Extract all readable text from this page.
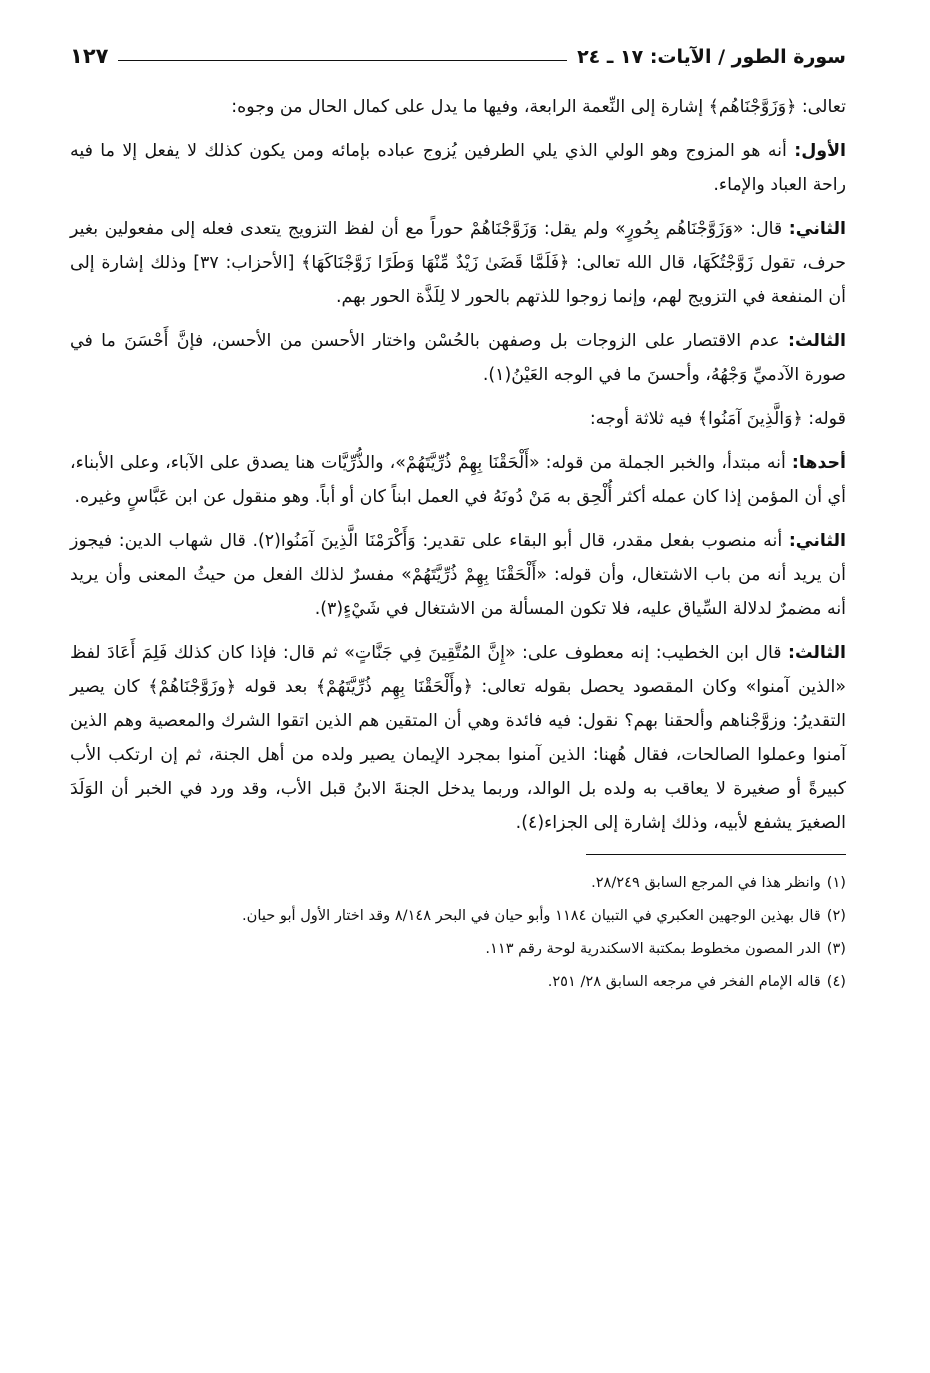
سورة الطور / الآيات: ١٧ ـ ٢٤
١٢٧

تعالى: ﴿وَزَوَّجْنَاهُم﴾ إشارة إلى النِّعمة الرابعة، وفيها ما يدل على كمال الحال من وجوه:

الأول: أنه هو المزوج وهو الولي الذي يلي الطرفين يُزوج عباده بإمائه ومن يكون كذلك لا يفعل إلا ما فيه راحة العباد والإماء.

الثاني: قال: «وَزَوَّجْنَاهُم بِحُورٍ» ولم يقل: وَزَوَّجْنَاهُمْ حوراً مع أن لفظ التزويج يتعدى فعله إلى مفعولين بغير حرف، تقول زَوَّجْتُكَهَا، قال الله تعالى: ﴿فَلَمَّا قَضَىٰ زَيْدٌ مِّنْهَا وَطَرًا زَوَّجْنَاكَهَا﴾ [الأحزاب: ٣٧] وذلك إشارة إلى أن المنفعة في التزويج لهم، وإنما زوجوا للذتهم بالحور لا لِلَذَّة الحور بهم.

الثالث: عدم الاقتصار على الزوجات بل وصفهن بالحُسْن واختار الأحسن من الأحسن، فإنَّ أَحْسَنَ ما في صورة الآدميِّ وَجْهُهُ، وأحسنَ ما في الوجه العَيْنُ(١).

قوله: ﴿وَالَّذِينَ آمَنُوا﴾ فيه ثلاثة أوجه:

أحدها: أنه مبتدأ، والخبر الجملة من قوله: «أَلْحَقْنَا بِهِمْ ذُرِّيَّتَهُمْ»، والذُّرِّيَّات هنا يصدق على الآباء، وعلى الأبناء، أي أن المؤمن إذا كان عمله أكثر أُلْحِق به مَنْ دُونَهُ في العمل ابناً كان أو أباً. وهو منقول عن ابن عَبَّاسٍ وغيره.

الثاني: أنه منصوب بفعل مقدر، قال أبو البقاء على تقدير: وَأَكْرَمْنَا الَّذِينَ آمَنُوا(٢). قال شهاب الدين: فيجوز أن يريد أنه من باب الاشتغال، وأن قوله: «أَلْحَقْنَا بِهِمْ ذُرِّيَّتَهُمْ» مفسرٌ لذلك الفعل من حيثُ المعنى وأن يريد أنه مضمرٌ لدلالة السِّياق عليه، فلا تكون المسألة من الاشتغال في شَيْءٍ(٣).

الثالث: قال ابن الخطيب: إنه معطوف على: «إِنَّ المُتَّقِينَ فِي جَنَّاتٍ» ثم قال: فإذا كان كذلك فَلِمَ أَعَادَ لفظ «الذين آمنوا» وكان المقصود يحصل بقوله تعالى: ﴿وأَلْحَقْنَا بِهِم ذُرِّيَّتَهُمْ﴾ بعد قوله ﴿وزَوَّجْنَاهُمْ﴾ كان يصير التقديرُ: وزوَّجْناهم وألحقنا بهم؟ نقول: فيه فائدة وهي أن المتقين هم الذين اتقوا الشرك والمعصية وهم الذين آمنوا وعملوا الصالحات، فقال هُهنا: الذين آمنوا بمجرد الإيمان يصير ولده من أهل الجنة، ثم إن ارتكب الأب كبيرةً أو صغيرة لا يعاقب به ولده بل الوالد، وربما يدخل الجنةَ الابنُ قبل الأب، وقد ورد في الخبر أن الوَلَدَ الصغيرَ يشفع لأبيه، وذلك إشارة إلى الجزاء(٤).

(١)وانظر هذا في المرجع السابق ٢٨/٢٤٩.

(٢)قال بهذين الوجهين العكبري في التبيان ١١٨٤ وأبو حيان في البحر ٨/١٤٨ وقد اختار الأول أبو حيان.

(٣)الدر المصون مخطوط بمكتبة الاسكندرية لوحة رقم ١١٣.

(٤)قاله الإمام الفخر في مرجعه السابق ٢٨/ ٢٥١.
